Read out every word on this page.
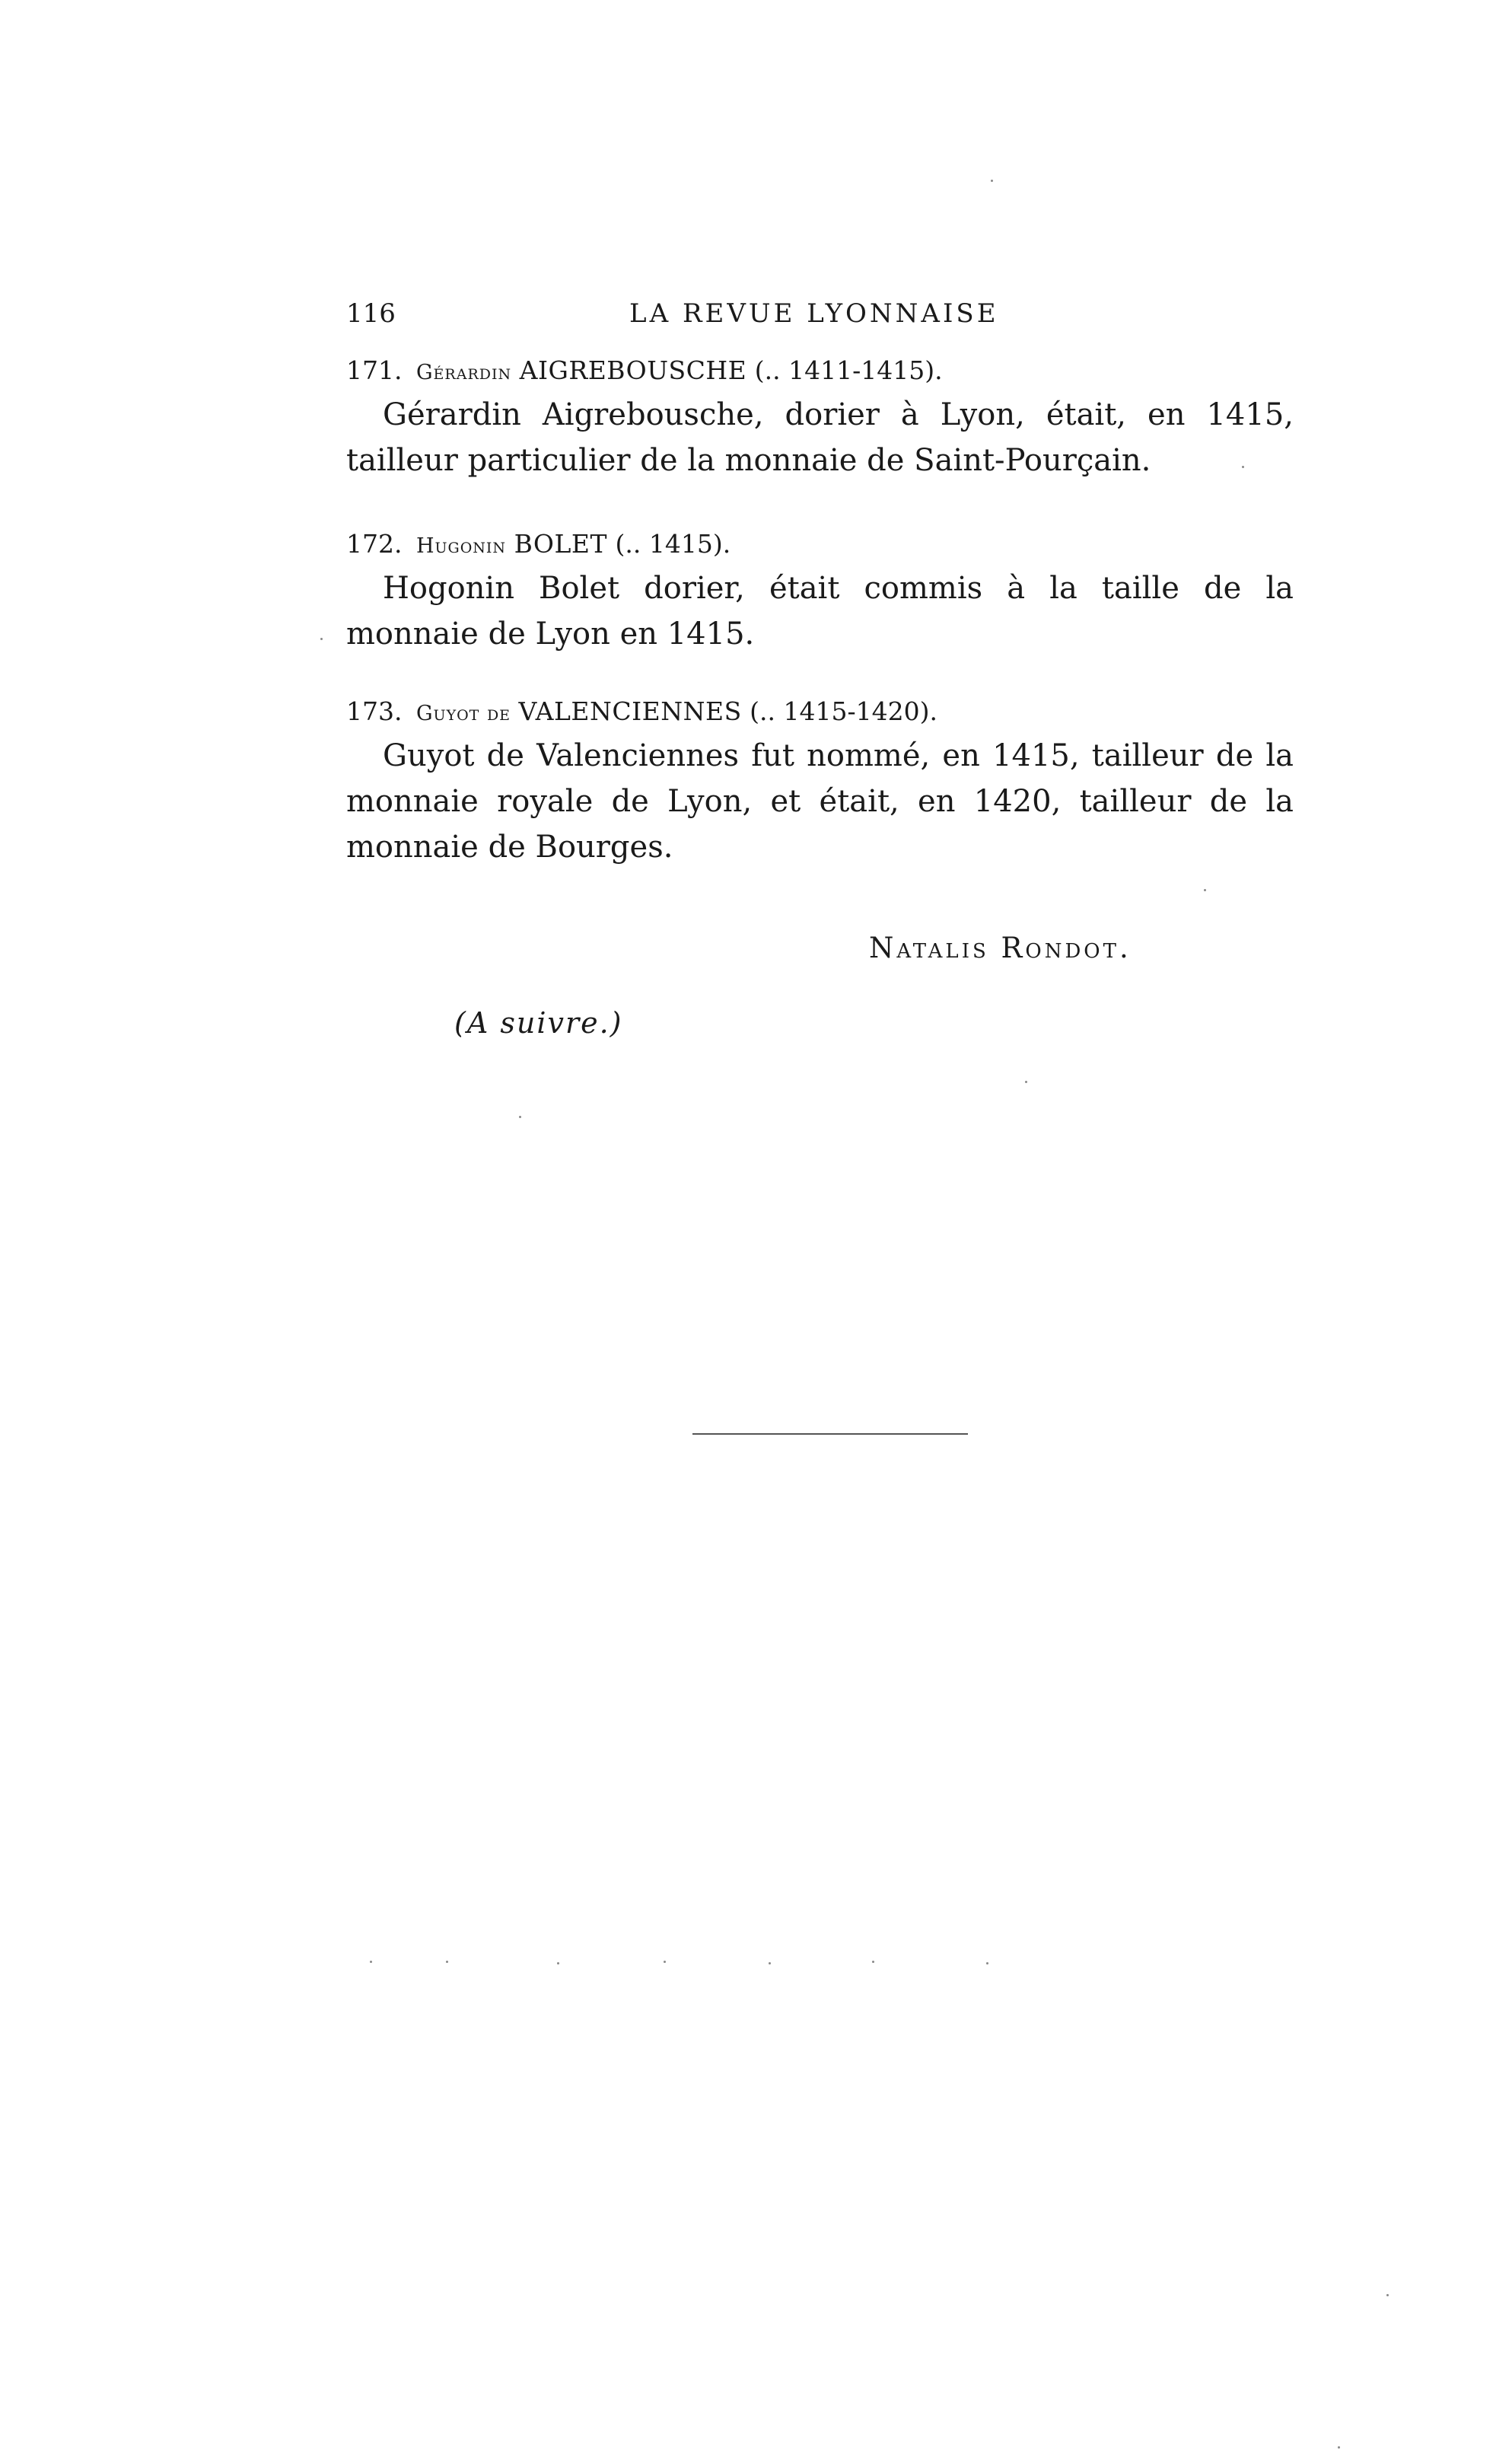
116	LA REVUE LYONNAISE

171. Gérardin AIGREBOUSCHE (.. 1411-1415).

Gérardin Aigrebousche, dorier à Lyon, était, en 1415, tailleur particulier de la monnaie de Saint-Pourçain.

172. Hugonin BOLET (.. 1415).

Hogonin Bolet dorier, était commis à la taille de la monnaie de Lyon en 1415.

173. Guyot de VALENCIENNES (.. 1415-1420).

Guyot de Valenciennes fut nommé, en 1415, tailleur de la monnaie royale de Lyon, et était, en 1420, tailleur de la monnaie de Bourges.

Natalis Rondot.
(A suivre.)
